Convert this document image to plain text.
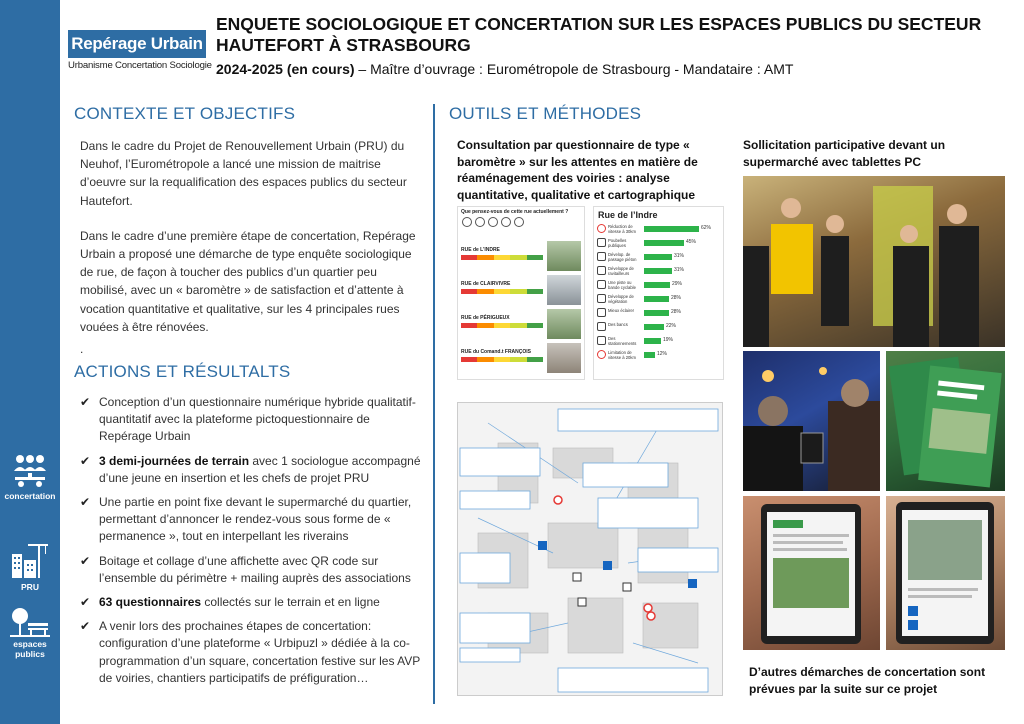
concertation
PRU
espaces publics
Repérage Urbain
Urbanisme Concertation Sociologie
ENQUETE SOCIOLOGIQUE ET CONCERTATION SUR LES ESPACES PUBLICS DU SECTEUR HAUTEFORT À STRASBOURG
2024-2025 (en cours) – Maître d’ouvrage : Eurométropole de Strasbourg - Mandataire : AMT
CONTEXTE ET OBJECTIFS

Dans le cadre du Projet de Renouvellement Urbain (PRU) du Neuhof, l’Eurométropole a lancé une mission de maitrise d’oeuvre sur la requalification des espaces publics du secteur Hautefort.

Dans le cadre d’une première étape de concertation, Repérage Urbain a proposé une démarche de type enquête sociologique de rue, de façon à toucher des publics d’un quartier peu mobilisé, avec un « baromètre » de satisfaction et d’attente à vocation quantitative et qualitative, sur les 4 principales rues vouées à être rénovées.

.

ACTIONS ET RÉSULTALTS
✔ Conception d’un questionnaire numérique hybride qualitatif-quantitatif avec la plateforme pictoquestionnaire de Repérage Urbain
✔ 3 demi-journées de terrain avec 1 sociologue accompagné d’une jeune en insertion et les chefs de projet PRU
✔ Une partie en point fixe devant le supermarché du quartier, permettant d’annoncer le rendez-vous sous forme de « permanence », tout en interpellant les riverains
✔ Boitage et collage d’une affichette avec QR code sur l’ensemble du périmètre + mailing auprès des associations
✔ 63 questionnaires collectés sur le terrain et en ligne
✔ A venir lors des prochaines étapes de concertation: configuration d’une plateforme « Urbipuzl » dédiée à la co-programmation d’un square, concertation festive sur les AVP de voiries, chantiers participatifs de préfiguration…
OUTILS ET MÉTHODES
Consultation par questionnaire de type « baromètre » sur les attentes en matière de réaménagement des voiries : analyse quantitative, qualitative et cartographique
Sollicitation participative devant un supermarché avec tablettes PC
D’autres démarches de concertation sont prévues par la suite sur ce projet
Que pensez-vous de cette rue actuellement ?
RUE de L’INDRE
RUE de CLAIRVIVRE
RUE de PÉRIGUEUX
RUE du Comand.t FRANÇOIS
Rue de l’Indre
Réduction de vitesse à 30km
62%
Poubelles publiques
45%
Dévelop. de passage piéton
31%
Développe de ravitailleurs
31%
Une piste ou bande cyclable
29%
Développe de végétation
28%
Mieux éclairer	28%
Des bancs	22%
Des stationnements
19%
Limitation de vitesse à 20km
12%
